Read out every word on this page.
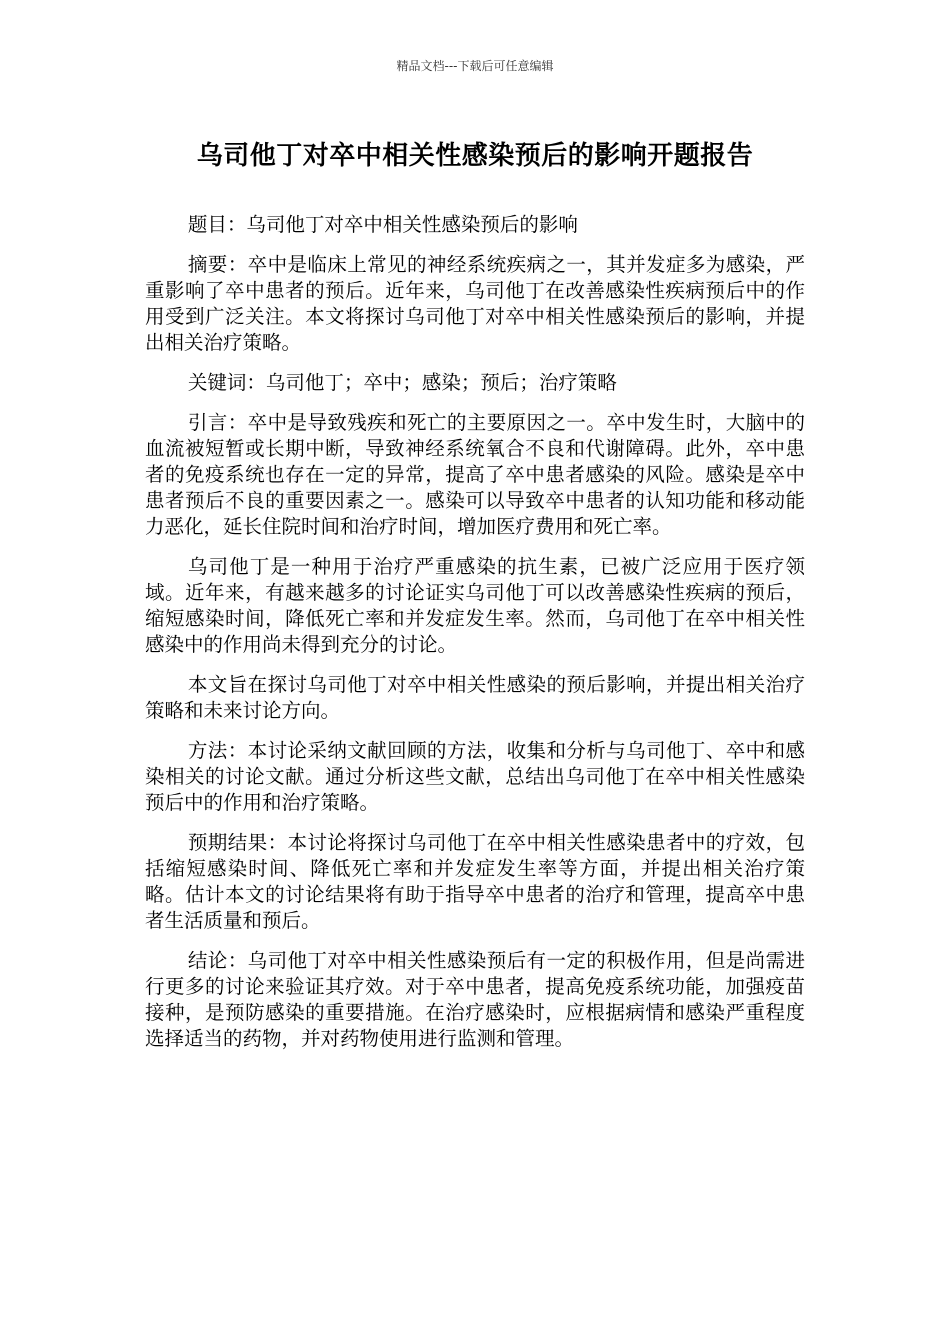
精品文档---下载后可任意编辑
乌司他丁对卒中相关性感染预后的影响开题报告

题目：乌司他丁对卒中相关性感染预后的影响

摘要：卒中是临床上常见的神经系统疾病之一，其并发症多为感染，严重影响了卒中患者的预后。近年来，乌司他丁在改善感染性疾病预后中的作用受到广泛关注。本文将探讨乌司他丁对卒中相关性感染预后的影响，并提出相关治疗策略。

关键词：乌司他丁；卒中；感染；预后；治疗策略

引言：卒中是导致残疾和死亡的主要原因之一。卒中发生时，大脑中的血流被短暂或长期中断，导致神经系统氧合不良和代谢障碍。此外，卒中患者的免疫系统也存在一定的异常，提高了卒中患者感染的风险。感染是卒中患者预后不良的重要因素之一。感染可以导致卒中患者的认知功能和移动能力恶化，延长住院时间和治疗时间，增加医疗费用和死亡率。

乌司他丁是一种用于治疗严重感染的抗生素，已被广泛应用于医疗领域。近年来，有越来越多的讨论证实乌司他丁可以改善感染性疾病的预后，缩短感染时间，降低死亡率和并发症发生率。然而，乌司他丁在卒中相关性感染中的作用尚未得到充分的讨论。

本文旨在探讨乌司他丁对卒中相关性感染的预后影响，并提出相关治疗策略和未来讨论方向。

方法：本讨论采纳文献回顾的方法，收集和分析与乌司他丁、卒中和感染相关的讨论文献。通过分析这些文献，总结出乌司他丁在卒中相关性感染预后中的作用和治疗策略。

预期结果：本讨论将探讨乌司他丁在卒中相关性感染患者中的疗效，包括缩短感染时间、降低死亡率和并发症发生率等方面，并提出相关治疗策略。估计本文的讨论结果将有助于指导卒中患者的治疗和管理，提高卒中患者生活质量和预后。

结论：乌司他丁对卒中相关性感染预后有一定的积极作用，但是尚需进行更多的讨论来验证其疗效。对于卒中患者，提高免疫系统功能，加强疫苗接种，是预防感染的重要措施。在治疗感染时，应根据病情和感染严重程度选择适当的药物，并对药物使用进行监测和管理。
